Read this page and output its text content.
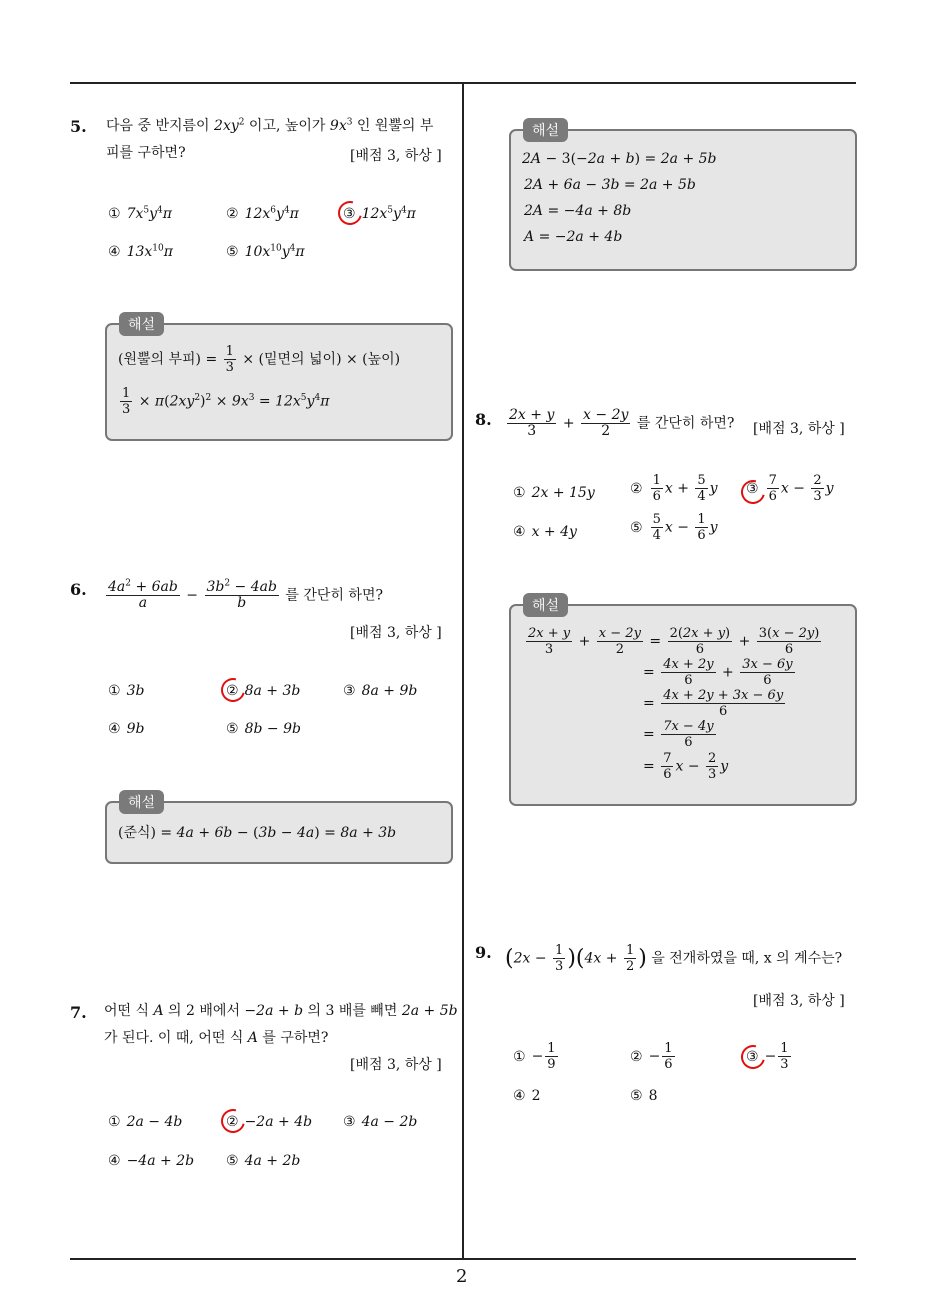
2
5. 다음 중 반지름이 $2xy^2$ 이고, 높이가 $9x^3$ 인 원뿔의 부
피를 구하면?	[배점 3, 하상 ]
① $7x^5y^4\pi$	② $12x^6y^4\pi$	③ $12x^5y^4\pi$
④ $13x^{10}\pi$	⑤ $10x^{10}y^4\pi$
해설
(원뿔의 부피) = $\frac{1}{3}$ × (밑면의 넓이) × (높이)
$\frac{1}{3} \times \pi(2xy^2)^2 \times 9x^3 = 12x^5y^4\pi$
6. $\frac{4a^2 + 6ab}{a} - \frac{3b^2 - 4ab}{b}$ 를 간단히 하면?
[배점 3, 하상 ]
① 3b	② 8a + 3b	③ 8a + 9b
④ 9b	⑤ 8b − 9b
해설
(준식) = 4a + 6b − (3b − 4a) = 8a + 3b
7. 어떤 식 A 의 2 배에서 −2a + b 의 3 배를 빼면 2a + 5b
가 된다. 이 때, 어떤 식 A 를 구하면?
[배점 3, 하상 ]
① 2a − 4b	② −2a + 4b ③ 4a − 2b
④ −4a + 2b ⑤ 4a + 2b
해설
2A − 3(−2a + b) = 2a + 5b
2A + 6a − 3b = 2a + 5b
2A = −4a + 8b
A = −2a + 4b
8. $\frac{2x + y}{3} + \frac{x - 2y}{2}$ 를 간단히 하면? [배점 3, 하상 ]
① 2x + 15y	② $\frac{1}{6}$ $x + \frac{5}{4}$ y ③ $\frac{7}{6}$ $x - \frac{2}{3}$ y
④ x + 4y	⑤ $\frac{5}{4}$ $x - \frac{1}{6}$ y
해설
$\frac{2x + y}{3} + \frac{x - 2y}{2} = \frac{2(2x + y)}{6} + \frac{3(x - 2y)}{6}$
= $\frac{4x + 2y}{6} + \frac{3x - 6y}{6}$
= $\frac{4x + 2y + 3x - 6y}{6}$
= $\frac{7x - 4y}{6}$
= $\frac{7}{6}$ $x - \frac{2}{3}$ y
9. $(2x - \frac{1}{3} )(4x + \frac{1}{2}$ ) 을 전개하였을 때, x 의 계수는?
[배점 3, 하상 ]
① − $\frac{1}{9}$	② − $\frac{1}{6}$	③ − $\frac{1}{3}$
④ 2	⑤ 8
